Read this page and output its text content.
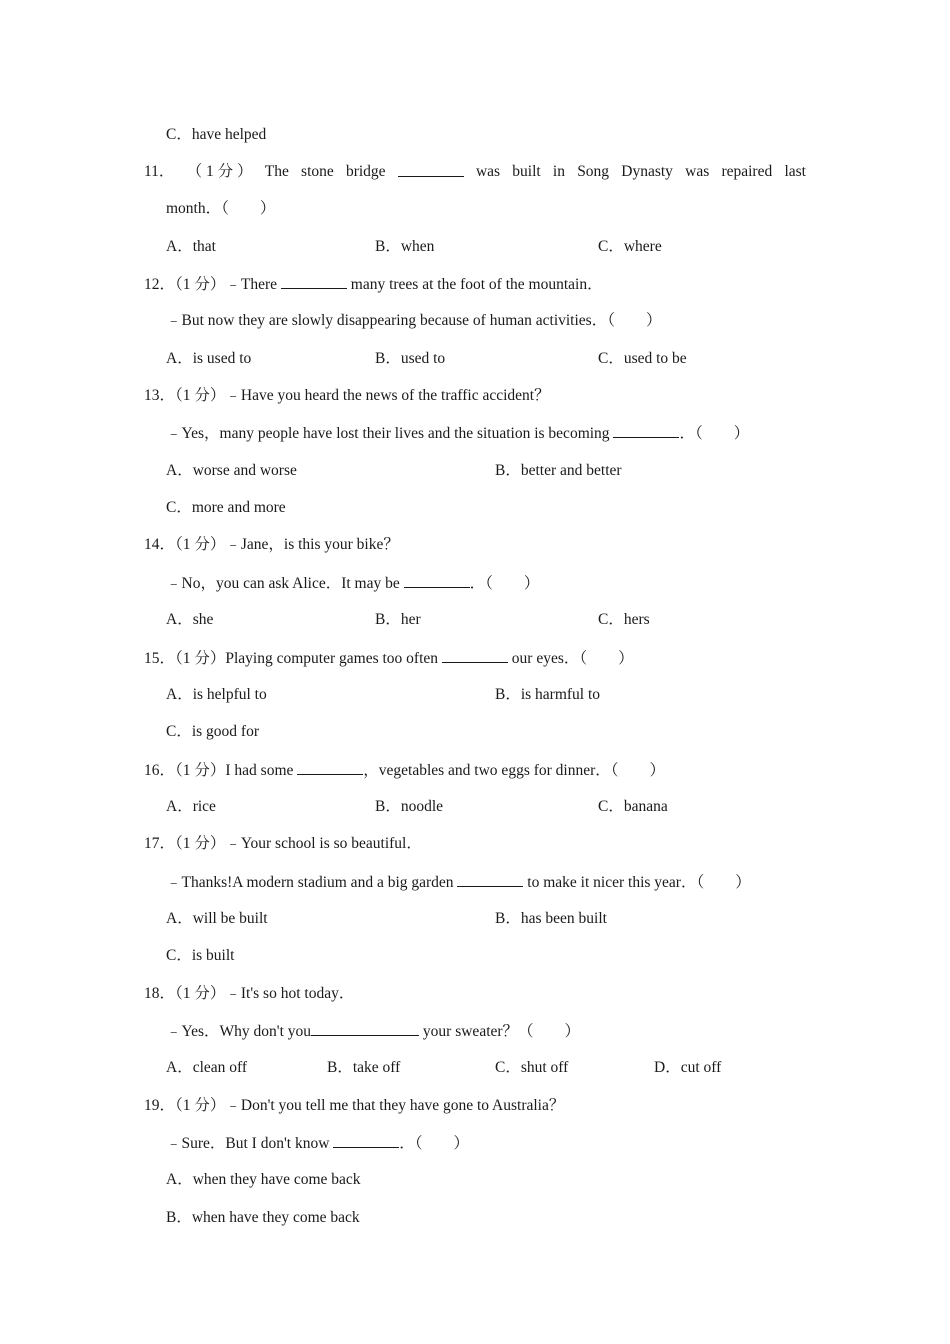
C．have helped
11． （ 1 分 ） The stone bridge	was built in Song Dynasty was repaired last
month．（　　）
A．that	B．when	C．where
12．（1 分）﹣There	many trees at the foot of the mountain．
﹣But now they are slowly disappearing because of human activities．（　　）
A．is used to	B．used to	C．used to be
13．（1 分）﹣Have you heard the news of the traffic accident？
﹣Yes，many people have lost their lives and the situation is becoming	．（　　）
A．worse and worse	B．better and better
C．more and more
14．（1 分）﹣Jane，is this your bike？
﹣No，you can ask Alice．It may be	．（　　）
A．she	B．her	C．hers
15．（1 分）Playing computer games too often	our eyes．（　　）
A．is helpful to	B．is harmful to
C．is good for
16．（1 分）I had some	，vegetables and two eggs for dinner．（　　）
A．rice	B．noodle	C．banana
17．（1 分）﹣Your school is so beautiful．
﹣Thanks!A modern stadium and a big garden	to make it nicer this year．（　　）
A．will be built	B．has been built
C．is built
18．（1 分）﹣It's so hot today．
﹣Yes．Why don't you	your sweater？（　　）
A．clean off	B．take off	C．shut off	D．cut off
19．（1 分）﹣Don't you tell me that they have gone to Australia？
﹣Sure．But I don't know	．（　　）
A．when they have come back
B．when have they come back
